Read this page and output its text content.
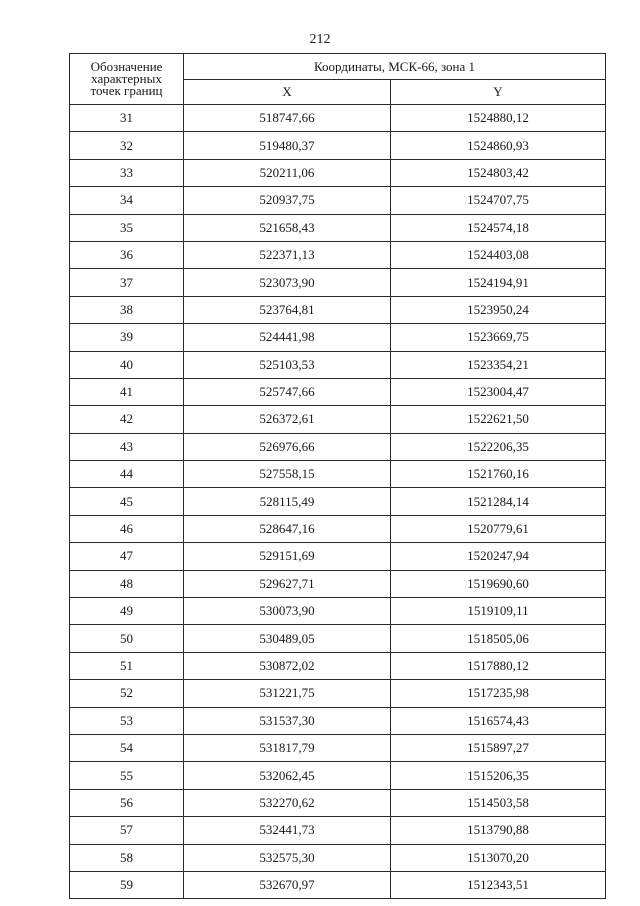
212
Обозначение
характерных
точек границ	Координаты, МСК-66, зона 1	
	X	Y
31	518747,66	1524880,12
32	519480,37	1524860,93
33	520211,06	1524803,42
34	520937,75	1524707,75
35	521658,43	1524574,18
36	522371,13	1524403,08
37	523073,90	1524194,91
38	523764,81	1523950,24
39	524441,98	1523669,75
40	525103,53	1523354,21
41	525747,66	1523004,47
42	526372,61	1522621,50
43	526976,66	1522206,35
44	527558,15	1521760,16
45	528115,49	1521284,14
46	528647,16	1520779,61
47	529151,69	1520247,94
48	529627,71	1519690,60
49	530073,90	1519109,11
50	530489,05	1518505,06
51	530872,02	1517880,12
52	531221,75	1517235,98
53	531537,30	1516574,43
54	531817,79	1515897,27
55	532062,45	1515206,35
56	532270,62	1514503,58
57	532441,73	1513790,88
58	532575,30	1513070,20
59	532670,97	1512343,51
